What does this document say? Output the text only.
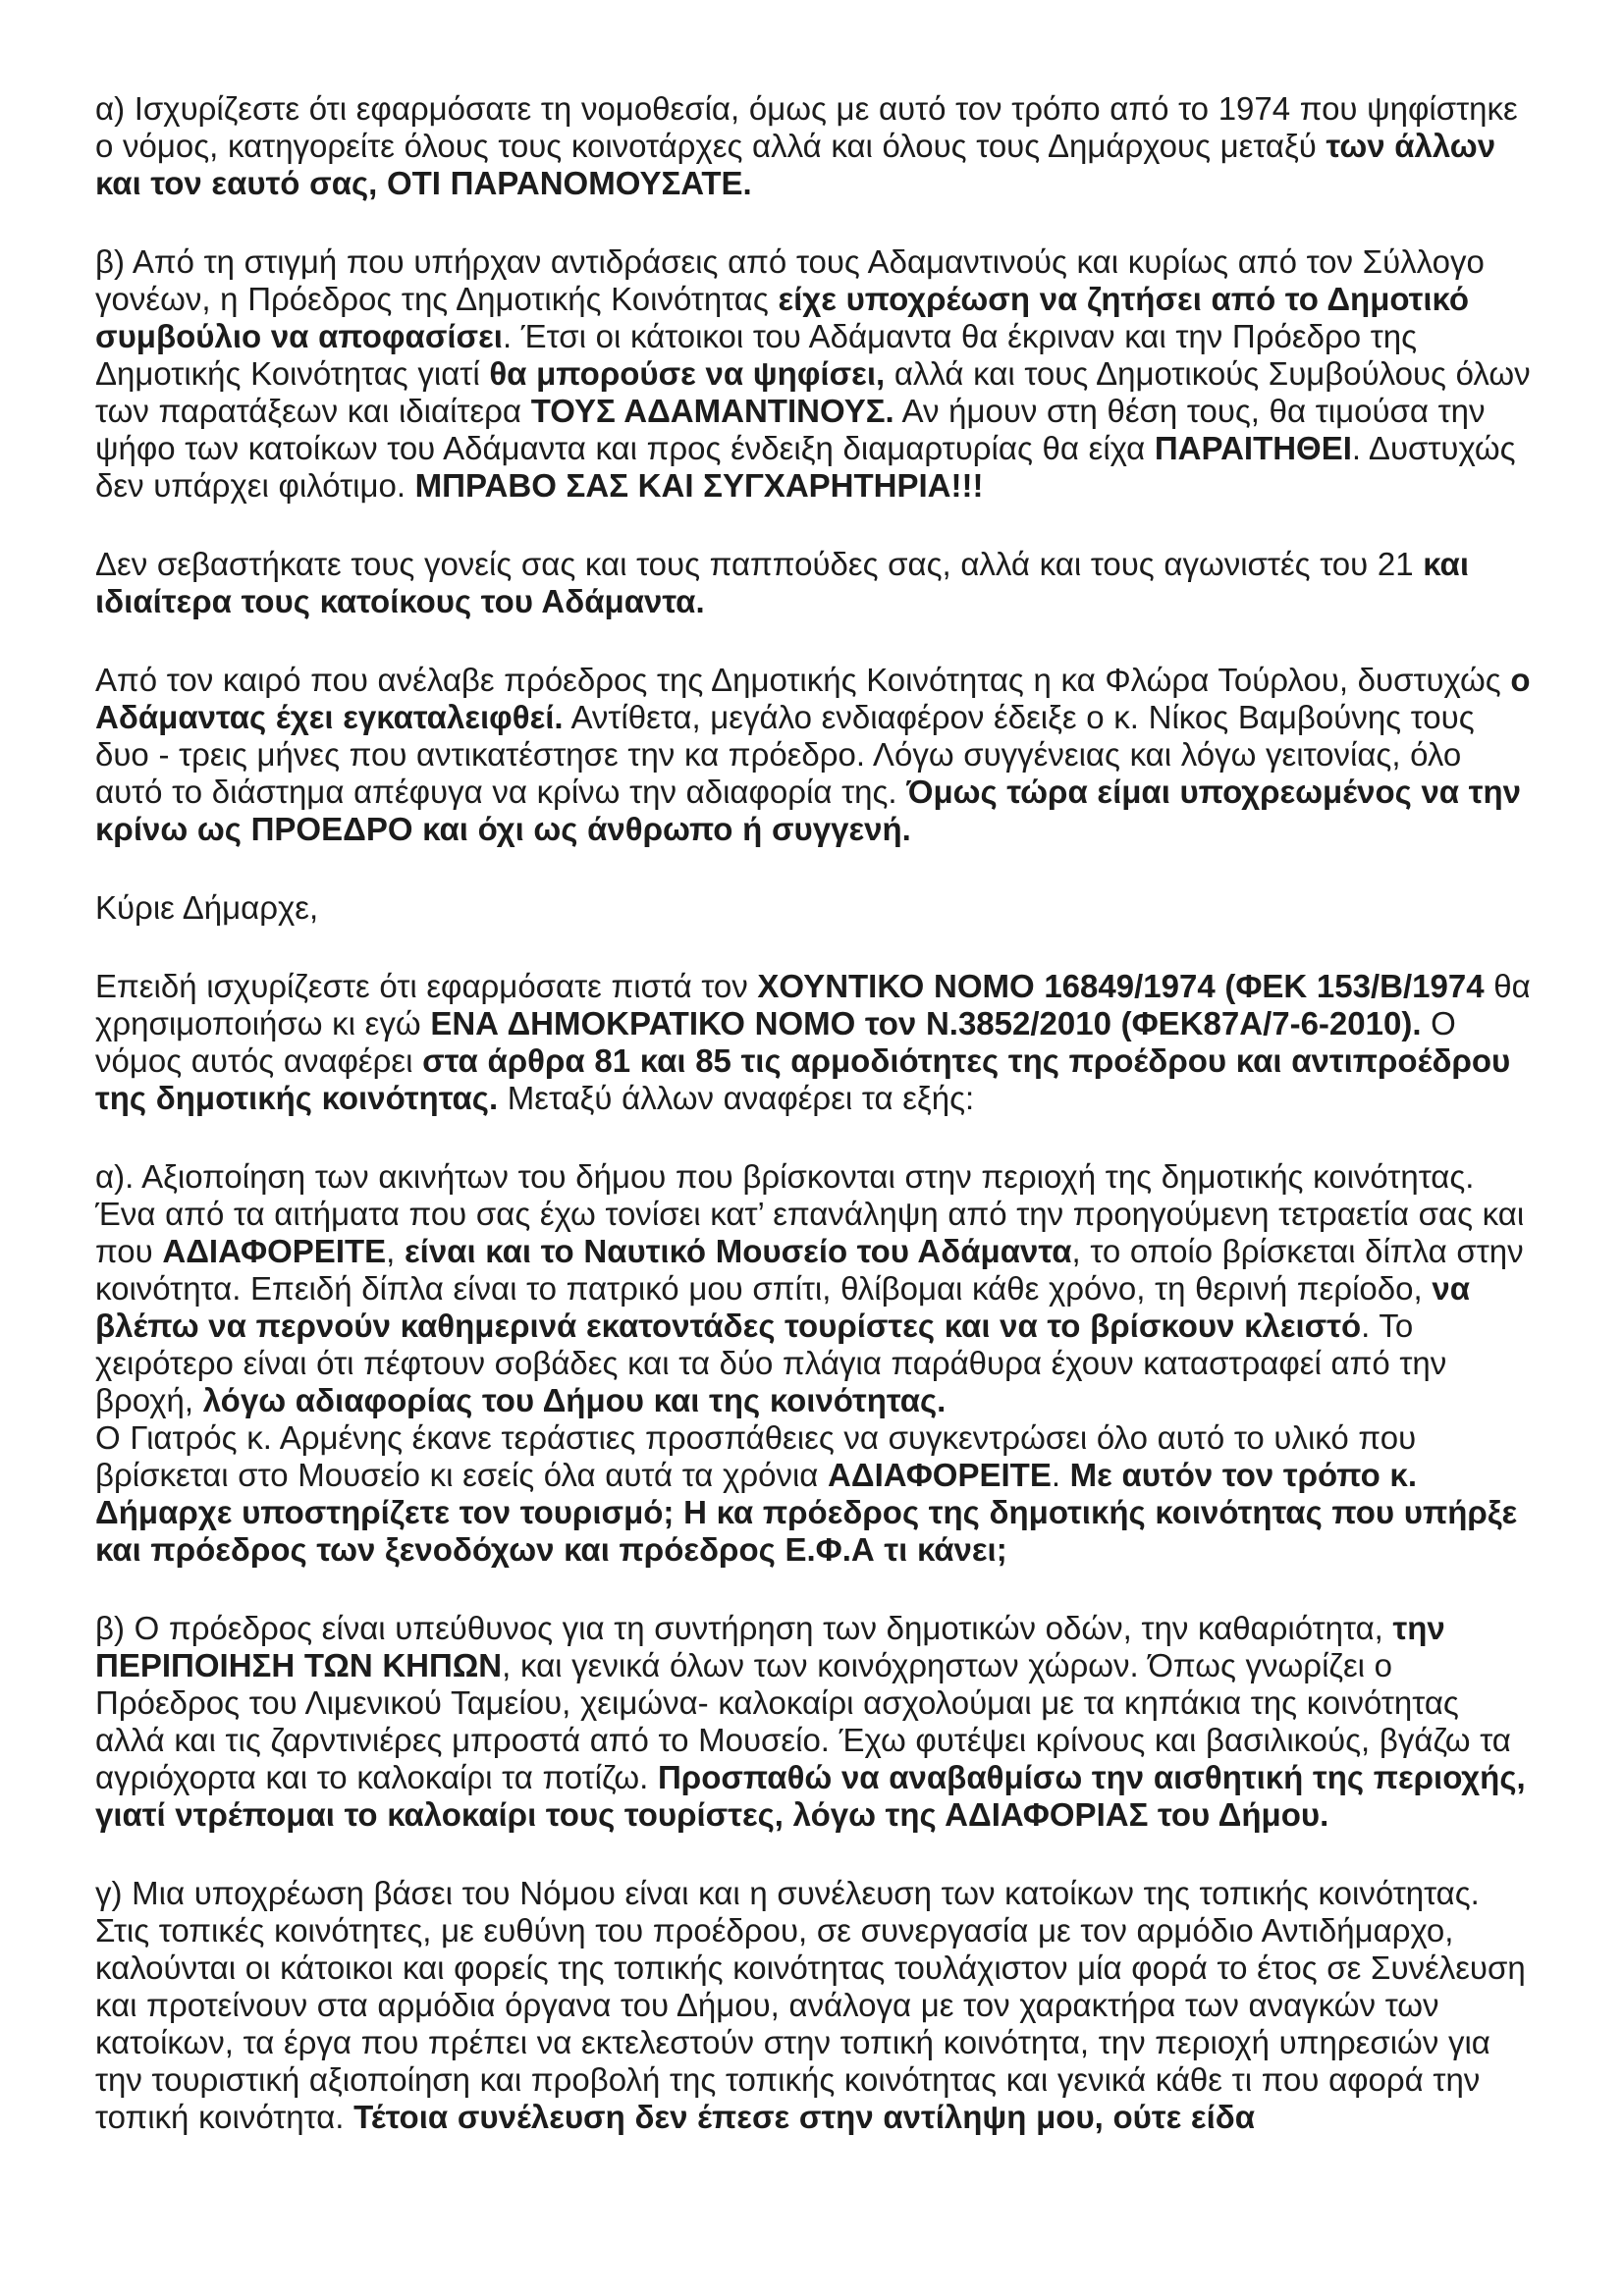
α) Ισχυρίζεστε ότι εφαρμόσατε τη νομοθεσία, όμως με αυτό τον τρόπο από το 1974 που ψηφίστηκε ο νόμος, κατηγορείτε όλους τους κοινοτάρχες αλλά και όλους τους Δημάρχους μεταξύ των άλλων και τον εαυτό σας, ΟΤΙ ΠΑΡΑΝΟΜΟΥΣΑΤΕ.

β) Από τη στιγμή που υπήρχαν αντιδράσεις από τους Αδαμαντινούς και κυρίως από τον Σύλλογο γονέων, η Πρόεδρος της Δημοτικής Κοινότητας είχε υποχρέωση να ζητήσει από το Δημοτικό συμβούλιο να αποφασίσει. Έτσι οι κάτοικοι του Αδάμαντα θα έκριναν και την Πρόεδρο της Δημοτικής Κοινότητας γιατί θα μπορούσε να ψηφίσει, αλλά και τους Δημοτικούς Συμβούλους όλων των παρατάξεων και ιδιαίτερα ΤΟΥΣ ΑΔΑΜΑΝΤΙΝΟΥΣ. Αν ήμουν στη θέση τους, θα τιμούσα την ψήφο των κατοίκων του Αδάμαντα και προς ένδειξη διαμαρτυρίας θα είχα ΠΑΡΑΙΤΗΘΕΙ. Δυστυχώς δεν υπάρχει φιλότιμο. ΜΠΡΑΒΟ ΣΑΣ ΚΑΙ ΣΥΓΧΑΡΗΤΗΡΙΑ!!!

Δεν σεβαστήκατε τους γονείς σας και τους παππούδες σας, αλλά και τους αγωνιστές του 21 και ιδιαίτερα τους κατοίκους του Αδάμαντα.

Από τον καιρό που ανέλαβε πρόεδρος της Δημοτικής Κοινότητας η κα Φλώρα Τούρλου, δυστυχώς ο Αδάμαντας έχει εγκαταλειφθεί. Αντίθετα, μεγάλο ενδιαφέρον έδειξε ο κ. Νίκος Βαμβούνης τους δυο - τρεις μήνες που αντικατέστησε την κα πρόεδρο. Λόγω συγγένειας και λόγω γειτονίας, όλο αυτό το διάστημα απέφυγα να κρίνω την αδιαφορία της. Όμως τώρα είμαι υποχρεωμένος να την κρίνω ως ΠΡΟΕΔΡΟ και όχι ως άνθρωπο ή συγγενή.

Κύριε Δήμαρχε,

Επειδή ισχυρίζεστε ότι εφαρμόσατε πιστά τον ΧΟΥΝΤΙΚΟ ΝΟΜΟ 16849/1974 (ΦΕΚ 153/Β/1974 θα χρησιμοποιήσω κι εγώ ΕΝΑ ΔΗΜΟΚΡΑΤΙΚΟ ΝΟΜΟ τον Ν.3852/2010 (ΦΕΚ87Α/7-6-2010). Ο νόμος αυτός αναφέρει στα άρθρα 81 και 85 τις αρμοδιότητες της προέδρου και αντιπροέδρου της δημοτικής κοινότητας. Μεταξύ άλλων αναφέρει τα εξής:

α). Αξιοποίηση των ακινήτων του δήμου που βρίσκονται στην περιοχή της δημοτικής κοινότητας. Ένα από τα αιτήματα που σας έχω τονίσει κατ’ επανάληψη από την προηγούμενη τετραετία σας και που ΑΔΙΑΦΟΡΕΙΤΕ, είναι και το Ναυτικό Μουσείο του Αδάμαντα, το οποίο βρίσκεται δίπλα στην κοινότητα. Επειδή δίπλα είναι το πατρικό μου σπίτι, θλίβομαι κάθε χρόνο, τη θερινή περίοδο, να βλέπω να περνούν καθημερινά εκατοντάδες τουρίστες και να το βρίσκουν κλειστό. Το χειρότερο είναι ότι πέφτουν σοβάδες και τα δύο πλάγια παράθυρα έχουν καταστραφεί από την βροχή, λόγω αδιαφορίας του Δήμου και της κοινότητας.
Ο Γιατρός κ. Αρμένης έκανε τεράστιες προσπάθειες να συγκεντρώσει όλο αυτό το υλικό που βρίσκεται στο Μουσείο κι εσείς όλα αυτά τα χρόνια ΑΔΙΑΦΟΡΕΙΤΕ. Με αυτόν τον τρόπο κ. Δήμαρχε υποστηρίζετε τον τουρισμό; Η κα πρόεδρος της δημοτικής κοινότητας που υπήρξε και πρόεδρος των ξενοδόχων και πρόεδρος Ε.Φ.Α τι κάνει;

β) Ο πρόεδρος είναι υπεύθυνος για τη συντήρηση των δημοτικών οδών, την καθαριότητα, την ΠΕΡΙΠΟΙΗΣΗ ΤΩΝ ΚΗΠΩΝ, και γενικά όλων των κοινόχρηστων χώρων. Όπως γνωρίζει ο Πρόεδρος του Λιμενικού Ταμείου, χειμώνα- καλοκαίρι ασχολούμαι με τα κηπάκια της κοινότητας αλλά και τις ζαρντινιέρες μπροστά από το Μουσείο. Έχω φυτέψει κρίνους και βασιλικούς, βγάζω τα αγριόχορτα και το καλοκαίρι τα ποτίζω. Προσπαθώ να αναβαθμίσω την αισθητική της περιοχής, γιατί ντρέπομαι το καλοκαίρι τους τουρίστες, λόγω της ΑΔΙΑΦΟΡΙΑΣ του Δήμου.

γ) Μια υποχρέωση βάσει του Νόμου είναι και η συνέλευση των κατοίκων της τοπικής κοινότητας. Στις τοπικές κοινότητες, με ευθύνη του προέδρου, σε συνεργασία με τον αρμόδιο Αντιδήμαρχο, καλούνται οι κάτοικοι και φορείς της τοπικής κοινότητας τουλάχιστον μία φορά το έτος σε Συνέλευση και προτείνουν στα αρμόδια όργανα του Δήμου, ανάλογα με τον χαρακτήρα των αναγκών των κατοίκων, τα έργα που πρέπει να εκτελεστούν στην τοπική κοινότητα, την περιοχή υπηρεσιών για την τουριστική αξιοποίηση και προβολή της τοπικής κοινότητας και γενικά κάθε τι που αφορά την τοπική κοινότητα. Τέτοια συνέλευση δεν έπεσε στην αντίληψη μου, ούτε είδα
